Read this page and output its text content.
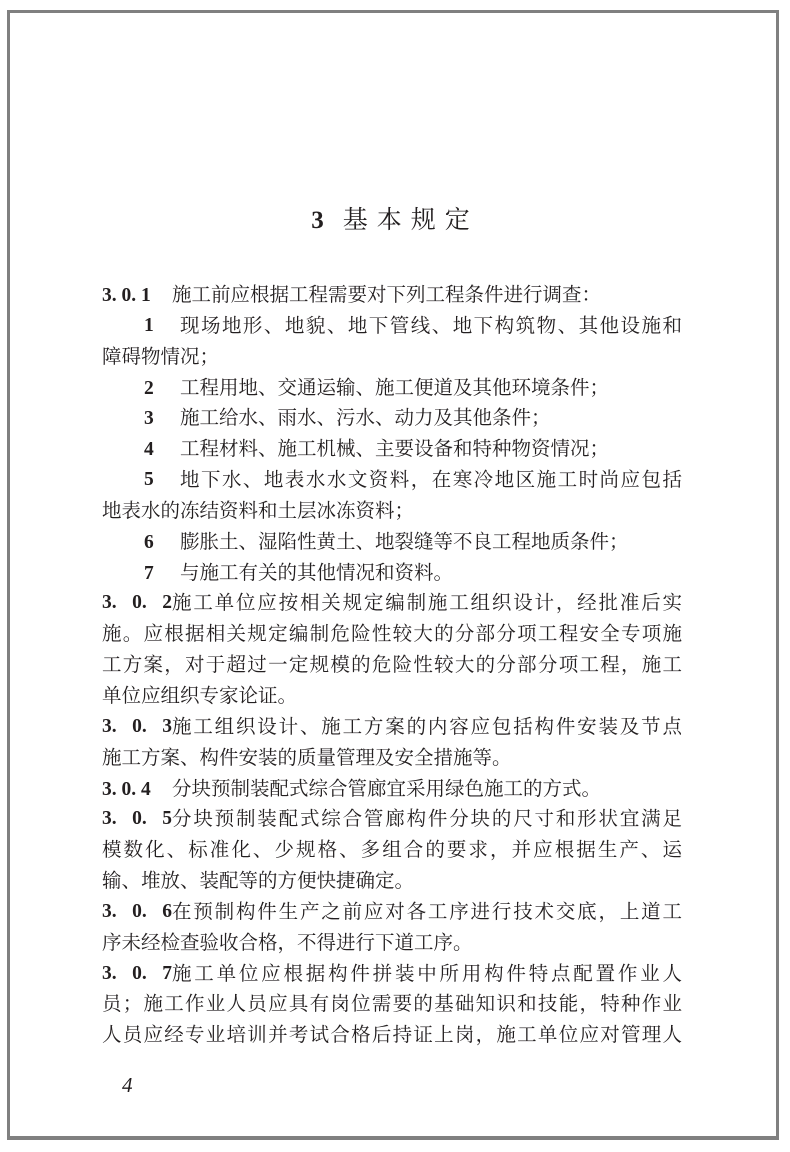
3 基本规定
3. 0. 1 施工前应根据工程需要对下列工程条件进行调查：
1	现场地形、地貌、地下管线、地下构筑物、其他设施和
障碍物情况；
2 工程用地、交通运输、施工便道及其他环境条件；
3 施工给水、雨水、污水、动力及其他条件；
4 工程材料、施工机械、主要设备和特种物资情况；
5	地下水、地表水水文资料，在寒冷地区施工时尚应包括
地表水的冻结资料和土层冰冻资料；
6 膨胀土、湿陷性黄土、地裂缝等不良工程地质条件；
7 与施工有关的其他情况和资料。
3. 0. 2 施工单位应按相关规定编制施工组织设计，经批准后实
施。应根据相关规定编制危险性较大的分部分项工程安全专项施
工方案，对于超过一定规模的危险性较大的分部分项工程，施工
单位应组织专家论证。
3. 0. 3 施工组织设计、施工方案的内容应包括构件安装及节点
施工方案、构件安装的质量管理及安全措施等。
3. 0. 4 分块预制装配式综合管廊宜采用绿色施工的方式。
3. 0. 5 分块预制装配式综合管廊构件分块的尺寸和形状宜满足
模数化、标准化、少规格、多组合的要求，并应根据生产、运
输、堆放、装配等的方便快捷确定。
3. 0. 6 在预制构件生产之前应对各工序进行技术交底，上道工
序未经检查验收合格，不得进行下道工序。
3. 0. 7 施工单位应根据构件拼装中所用构件特点配置作业人
员；施工作业人员应具有岗位需要的基础知识和技能，特种作业
人员应经专业培训并考试合格后持证上岗，施工单位应对管理人
4
